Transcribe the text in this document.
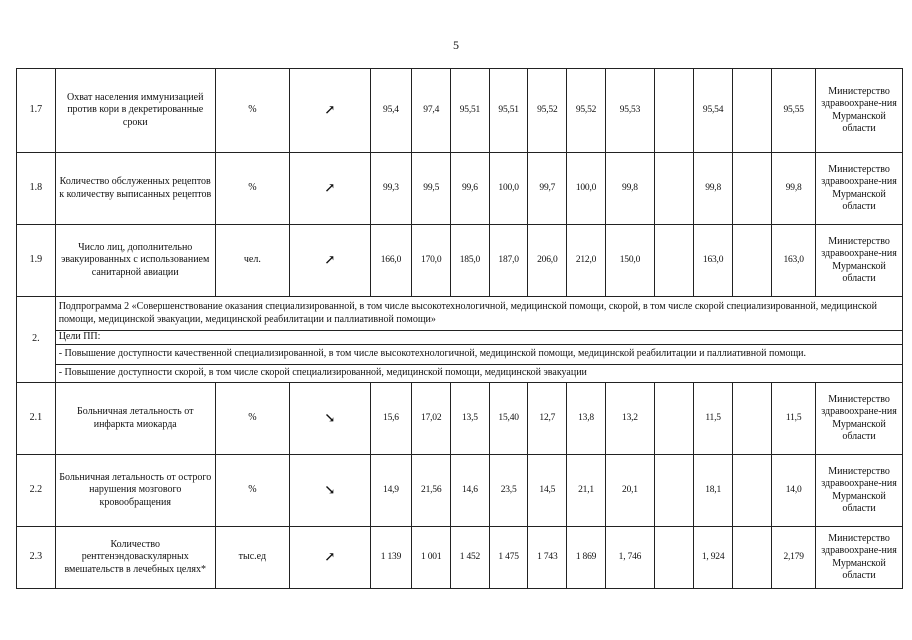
5
1.7	Охват населения иммунизацией против кори в декретированные сроки	%	↗	95,4	97,4	95,51	95,51	95,52	95,52	95,53		95,54		95,55	Министерство здравоохране-ния Мурманской области
1.8	Количество обслуженных рецептов к количеству выписанных рецептов	%	↗	99,3	99,5	99,6	100,0	99,7	100,0	99,8		99,8		99,8	Министерство здравоохране-ния Мурманской области
1.9	Число лиц, дополнительно эвакуированных с использованием санитарной авиации	чел.	↗	166,0	170,0	185,0	187,0	206,0	212,0	150,0		163,0		163,0	Министерство здравоохране-ния Мурманской области
2.	Подпрограмма 2 «Совершенствование оказания специализированной, в том числе высокотехнологичной, медицинской помощи, скорой, в том числе скорой специализированной, медицинской помощи, медицинской эвакуации, медицинской реабилитации и паллиативной помощи»														
	Цели ПП:														
	- Повышение доступности качественной специализированной, в том числе высокотехнологичной, медицинской помощи, медицинской реабилитации и паллиативной помощи.														
	- Повышение доступности скорой, в том числе скорой специализированной, медицинской помощи, медицинской эвакуации														
2.1	Больничная летальность от инфаркта миокарда	%	↘	15,6	17,02	13,5	15,40	12,7	13,8	13,2		11,5		11,5	Министерство здравоохране-ния Мурманской области
2.2	Больничная летальность от острого нарушения мозгового кровообращения	%	↘	14,9	21,56	14,6	23,5	14,5	21,1	20,1		18,1		14,0	Министерство здравоохране-ния Мурманской области
2.3	Количество рентгенэндоваскулярных вмешательств в лечебных целях*	тыс.ед	↗	1 139	1 001	1 452	1 475	1 743	1 869	1, 746		1, 924		2,179	Министерство здравоохране-ния Мурманской области
